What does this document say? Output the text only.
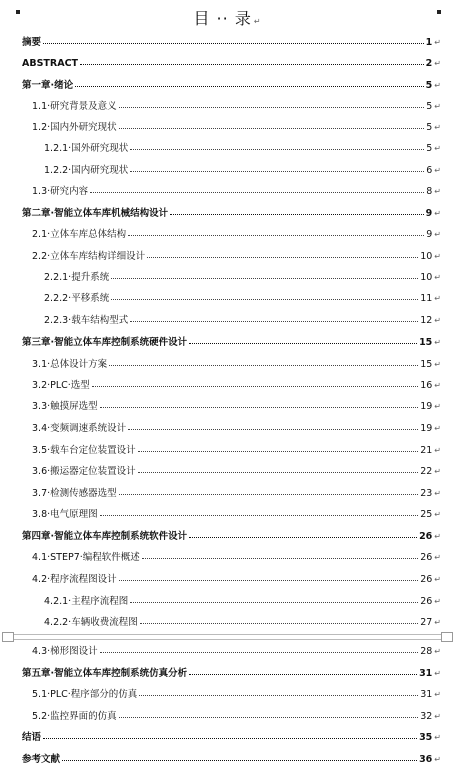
目 ·· 录 ↵
摘要	1 ↵
ABSTRACT	2 ↵
第一章·绪论	5 ↵
1.1·研究背景及意义	5 ↵
1.2·国内外研究现状	5 ↵
1.2.1·国外研究现状	5 ↵
1.2.2·国内研究现状	6 ↵
1.3·研究内容	8 ↵
第二章·智能立体车库机械结构设计	9 ↵
2.1·立体车库总体结构	9 ↵
2.2·立体车库结构详细设计	10 ↵
2.2.1·提升系统	10 ↵
2.2.2·平移系统	11 ↵
2.2.3·载车结构型式	12 ↵
第三章·智能立体车库控制系统硬件设计	15 ↵
3.1·总体设计方案	15 ↵
3.2·PLC·选型	16 ↵
3.3·触摸屏选型	19 ↵
3.4·变频调速系统设计	19 ↵
3.5·载车台定位装置设计	21 ↵
3.6·搬运器定位装置设计	22 ↵
3.7·检测传感器选型	23 ↵
3.8·电气原理图	25 ↵
第四章·智能立体车库控制系统软件设计	26 ↵
4.1·STEP7·编程软件概述	26 ↵
4.2·程序流程图设计	26 ↵
4.2.1·主程序流程图	26 ↵
4.2.2·车辆收费流程图	27 ↵
4.3·梯形图设计	28 ↵
第五章·智能立体车库控制系统仿真分析	31 ↵
5.1·PLC·程序部分的仿真	31 ↵
5.2·监控界面的仿真	32 ↵
结语	35 ↵
参考文献	36 ↵
